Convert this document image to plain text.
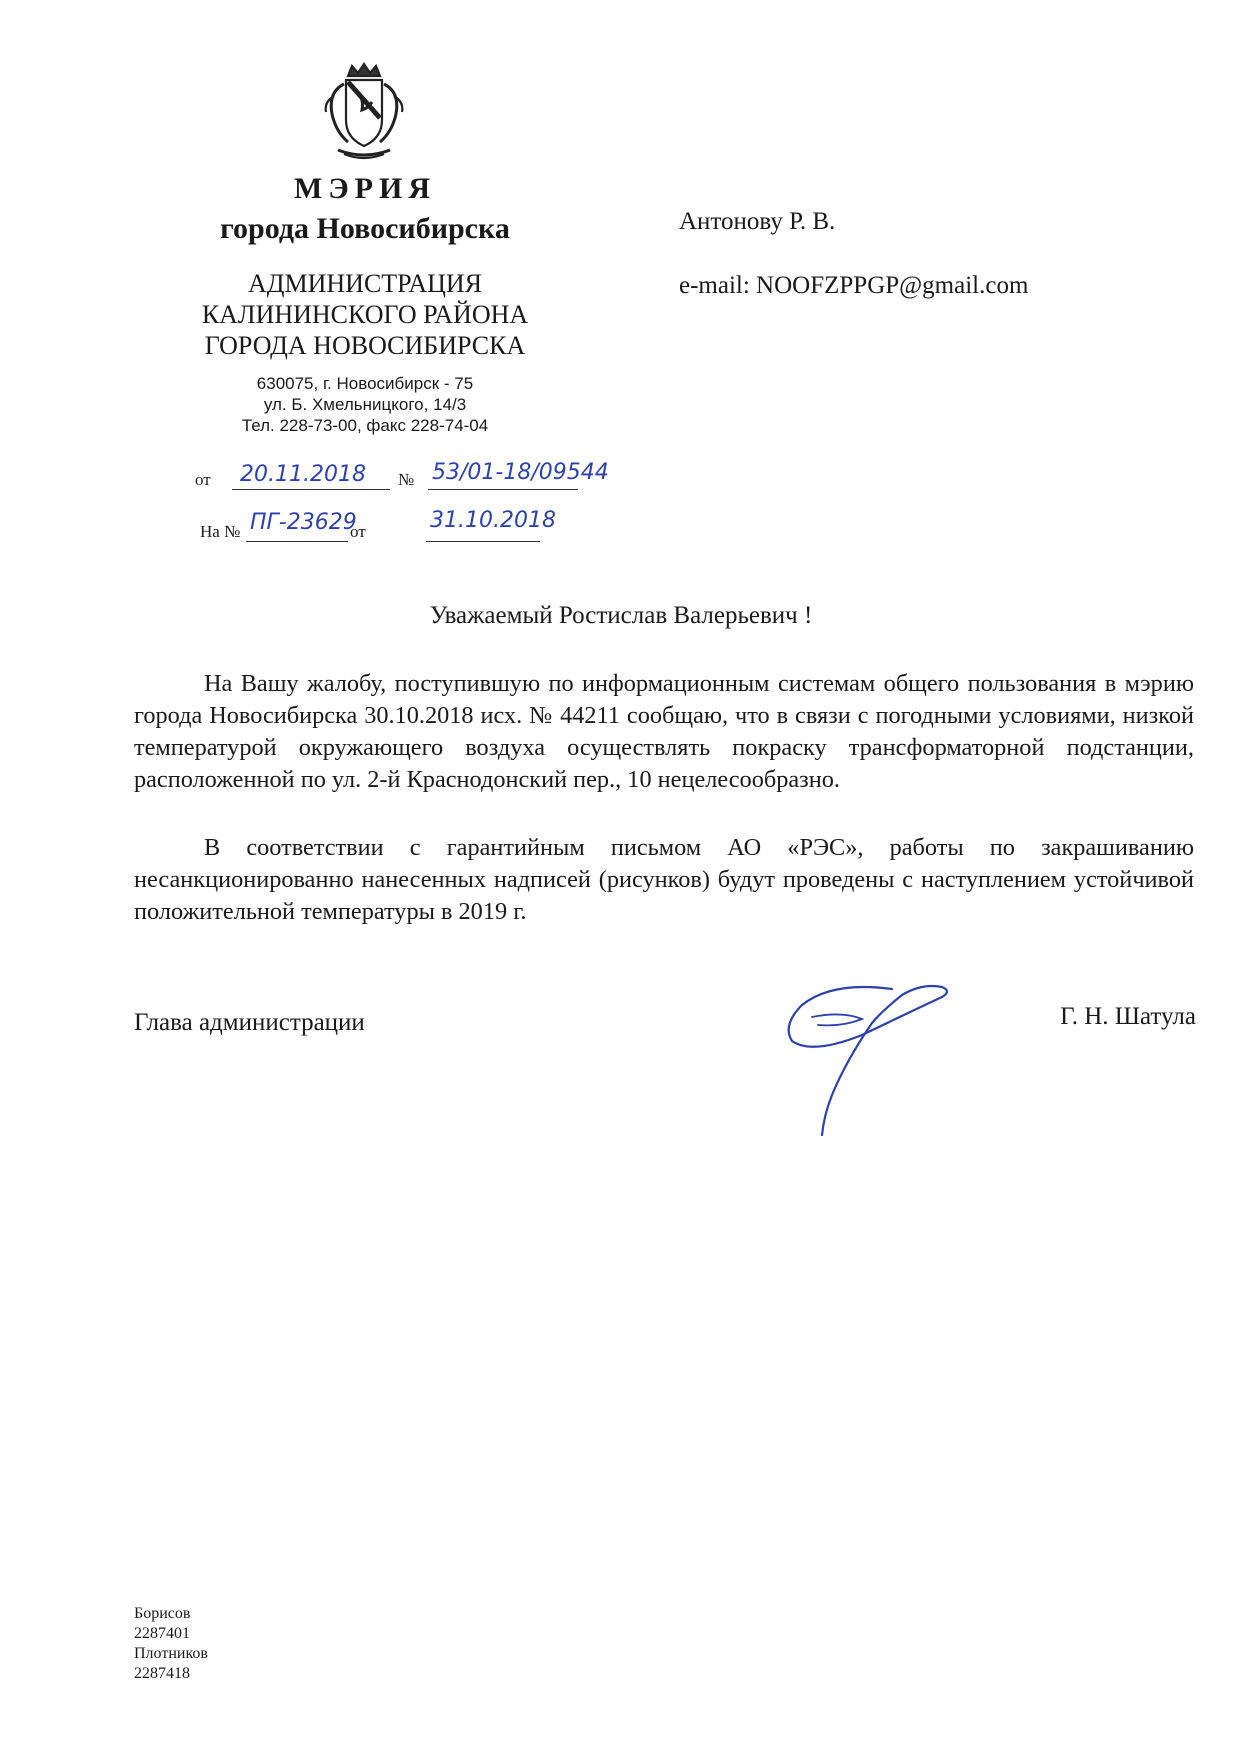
МЭРИЯ
города Новосибирска
АДМИНИСТРАЦИЯ
КАЛИНИНСКОГО РАЙОНА
ГОРОДА НОВОСИБИРСКА
630075, г. Новосибирск - 75
ул. Б. Хмельницкого, 14/3
Тел. 228-73-00, факс 228-74-04
от 20.11.2018 № 53/01-18/09544
На № ПГ-23629
от	31.10.2018
Антонову Р. В.
e-mail: NOOFZPPGP@gmail.com
Уважаемый Ростислав Валерьевич !

На Вашу жалобу, поступившую по информационным системам общего пользования в мэрию города Новосибирска 30.10.2018 исх. № 44211 сообщаю, что в связи с погодными условиями, низкой температурой окружающего воздуха осуществлять покраску трансформаторной подстанции, расположенной по ул. 2-й Краснодонский пер., 10 нецелесообразно.

В соответствии с гарантийным письмом АО «РЭС», работы по закрашиванию несанкционированно нанесенных надписей (рисунков) будут проведены с наступлением устойчивой положительной температуры в 2019 г.

Глава администрации	Г. Н. Шатула
Борисов
2287401
Плотников
2287418
